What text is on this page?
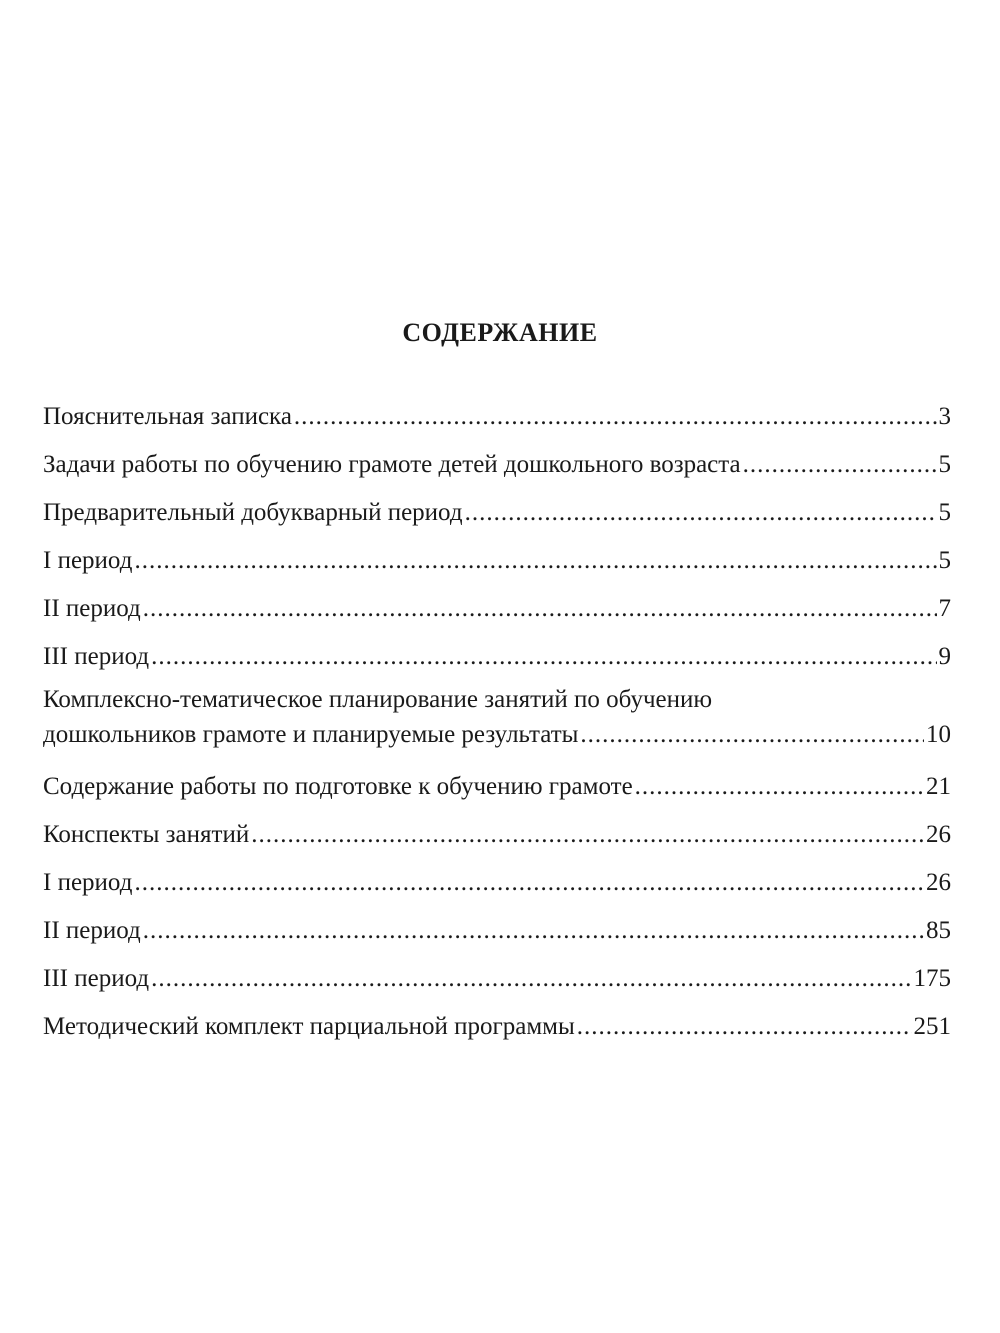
СОДЕРЖАНИЕ
Пояснительная записка .....	3
Задачи работы по обучению грамоте детей дошкольного возраста .....	5
Предварительный добукварный период .....	5
I период .....	5
II период .....	7
III период .....	9
Комплексно-тематическое планирование занятий по обучению
дошкольников грамоте и планируемые результаты .....	10
Содержание работы по подготовке к обучению грамоте .....	21
Конспекты занятий .....	26
I период .....	26
II период .....	85
III период .....	175
Методический комплект парциальной программы .....	251
